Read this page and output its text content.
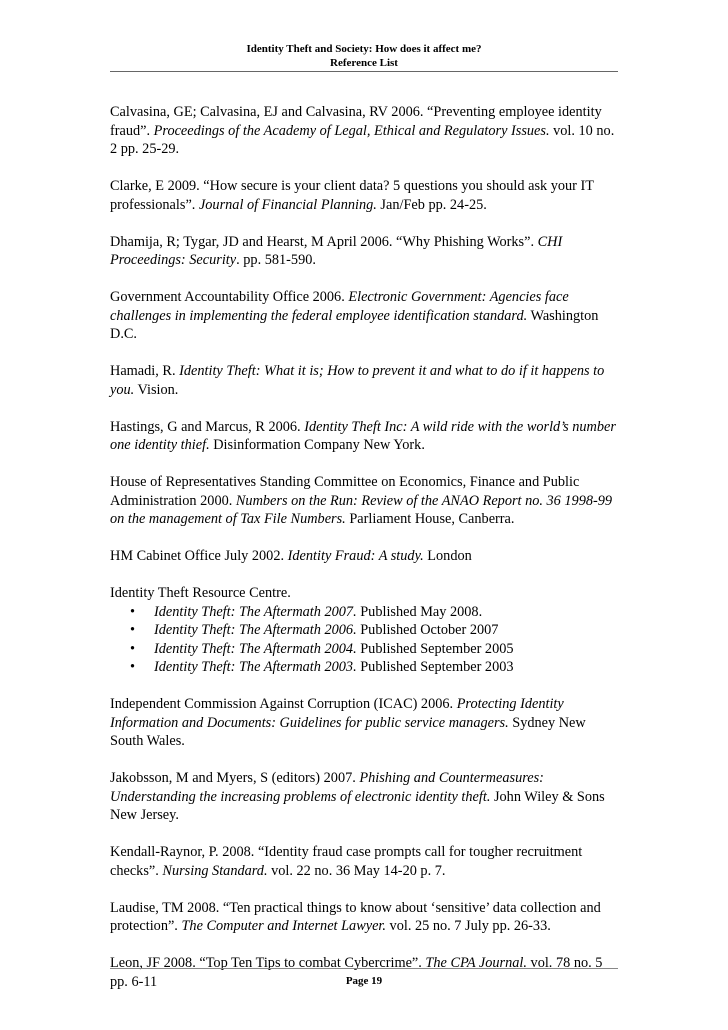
Identity Theft and Society: How does it affect me?
Reference List
Calvasina, GE; Calvasina, EJ and Calvasina, RV 2006. “Preventing employee identity fraud”. Proceedings of the Academy of Legal, Ethical and Regulatory Issues. vol. 10 no. 2 pp. 25-29.
Clarke, E 2009. “How secure is your client data? 5 questions you should ask your IT professionals”. Journal of Financial Planning. Jan/Feb pp. 24-25.
Dhamija, R; Tygar, JD and Hearst, M April 2006. “Why Phishing Works”. CHI Proceedings: Security. pp. 581-590.
Government Accountability Office 2006. Electronic Government: Agencies face challenges in implementing the federal employee identification standard. Washington D.C.
Hamadi, R. Identity Theft: What it is; How to prevent it and what to do if it happens to you. Vision.
Hastings, G and Marcus, R 2006. Identity Theft Inc: A wild ride with the world’s number one identity thief. Disinformation Company New York.
House of Representatives Standing Committee on Economics, Finance and Public Administration 2000. Numbers on the Run: Review of the ANAO Report no. 36 1998-99 on the management of Tax File Numbers. Parliament House, Canberra.
HM Cabinet Office July 2002. Identity Fraud: A study. London
Identity Theft Resource Centre.
• Identity Theft: The Aftermath 2007. Published May 2008.
• Identity Theft: The Aftermath 2006. Published October 2007
• Identity Theft: The Aftermath 2004. Published September 2005
• Identity Theft: The Aftermath 2003. Published September 2003
Independent Commission Against Corruption (ICAC) 2006. Protecting Identity Information and Documents: Guidelines for public service managers. Sydney New South Wales.
Jakobsson, M and Myers, S (editors) 2007. Phishing and Countermeasures: Understanding the increasing problems of electronic identity theft. John Wiley & Sons New Jersey.
Kendall-Raynor, P. 2008. “Identity fraud case prompts call for tougher recruitment checks”. Nursing Standard. vol. 22 no. 36 May 14-20 p. 7.
Laudise, TM 2008. “Ten practical things to know about ‘sensitive’ data collection and protection”. The Computer and Internet Lawyer. vol. 25 no. 7 July pp. 26-33.
Leon, JF 2008. “Top Ten Tips to combat Cybercrime”. The CPA Journal. vol. 78 no. 5 pp. 6-11	Page 19
